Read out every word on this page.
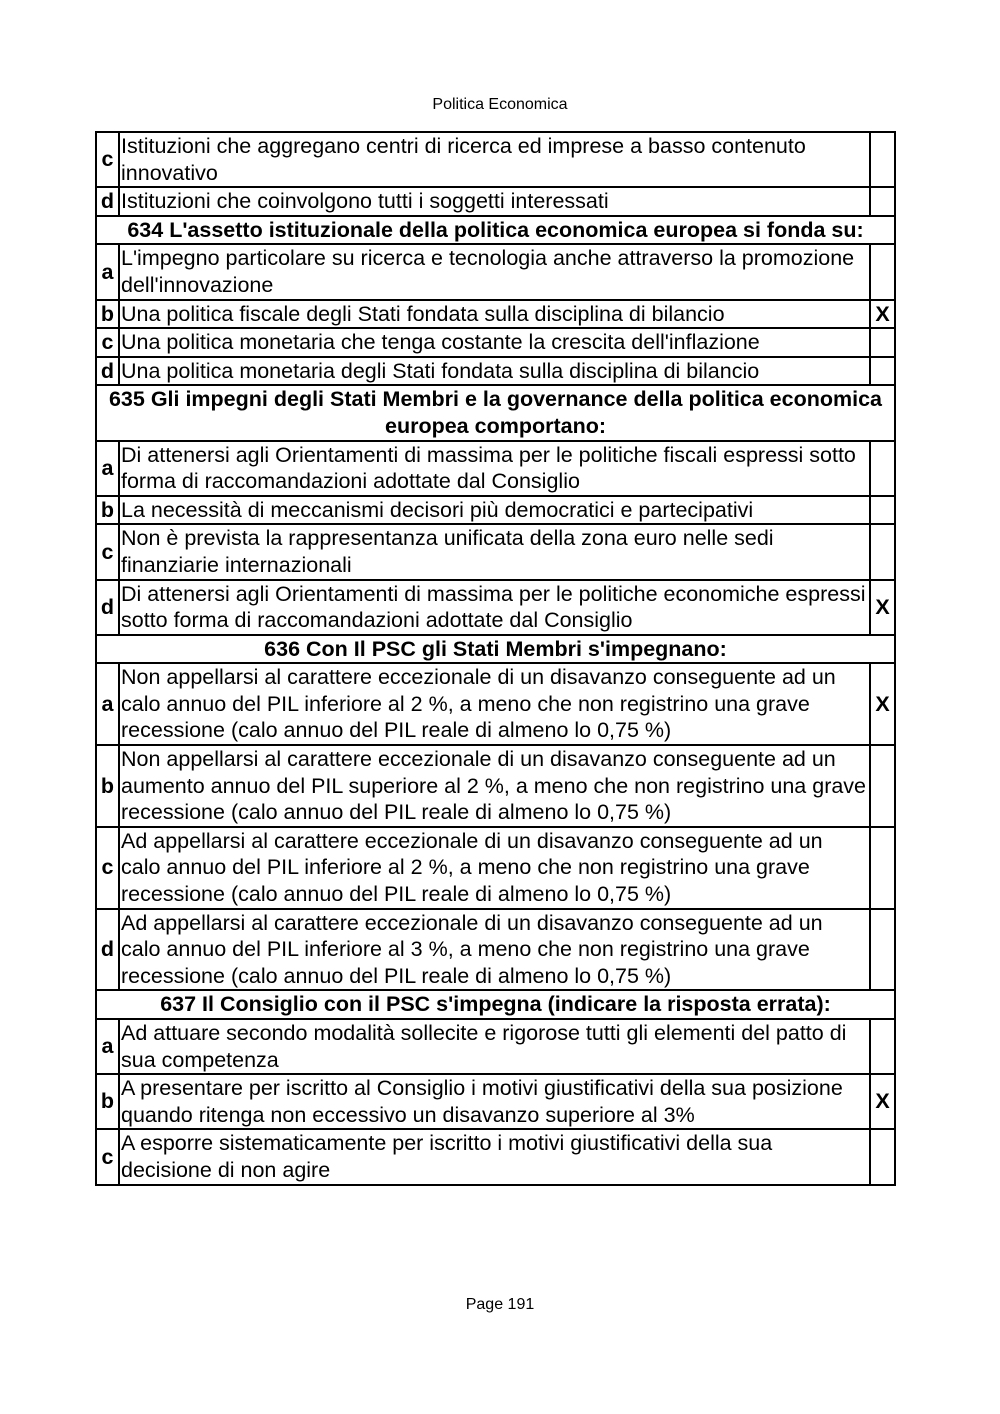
Politica Economica
c	Istituzioni che aggregano centri di ricerca ed imprese a basso contenuto innovativo	
d	Istituzioni che coinvolgono tutti i soggetti interessati	
634 L'assetto istituzionale della politica economica europea si fonda su:		
a	L'impegno particolare su ricerca e tecnologia anche attraverso la promozione dell'innovazione	
b	Una politica fiscale degli Stati fondata sulla disciplina di bilancio	X
c	Una politica monetaria che tenga costante la crescita dell'inflazione	
d	Una politica monetaria degli Stati fondata sulla disciplina di bilancio	
635 Gli impegni degli Stati Membri e la governance della politica economica europea comportano:		
a	Di attenersi agli Orientamenti di massima per le politiche fiscali espressi sotto forma di raccomandazioni adottate dal Consiglio	
b	La necessità di meccanismi decisori più democratici e partecipativi	
c	Non è prevista la rappresentanza unificata della zona euro nelle sedi finanziarie internazionali	
d	Di attenersi agli Orientamenti di massima per le politiche economiche espressi sotto forma di raccomandazioni adottate dal Consiglio	X
636 Con Il PSC gli Stati Membri s'impegnano:		
a	Non appellarsi al carattere eccezionale di un disavanzo conseguente ad un calo annuo del PIL inferiore al 2 %, a meno che non registrino una grave recessione (calo annuo del PIL reale di almeno lo 0,75 %)	X
b	Non appellarsi al carattere eccezionale di un disavanzo conseguente ad un aumento annuo del PIL superiore al 2 %, a meno che non registrino una grave recessione (calo annuo del PIL reale di almeno lo 0,75 %)	
c	Ad appellarsi al carattere eccezionale di un disavanzo conseguente ad un calo annuo del PIL inferiore al 2 %, a meno che non registrino una grave recessione (calo annuo del PIL reale di almeno lo 0,75 %)	
d	Ad appellarsi al carattere eccezionale di un disavanzo conseguente ad un calo annuo del PIL inferiore al 3 %, a meno che non registrino una grave recessione (calo annuo del PIL reale di almeno lo 0,75 %)	
637 Il Consiglio con il PSC s'impegna (indicare la risposta errata):		
a	Ad attuare secondo modalità sollecite e rigorose tutti gli elementi del patto di sua competenza	
b	A presentare per iscritto al Consiglio i motivi giustificativi della sua posizione quando ritenga non eccessivo un disavanzo superiore al 3%	X
c	A esporre sistematicamente per iscritto i motivi giustificativi della sua decisione di non agire	
Page 191
